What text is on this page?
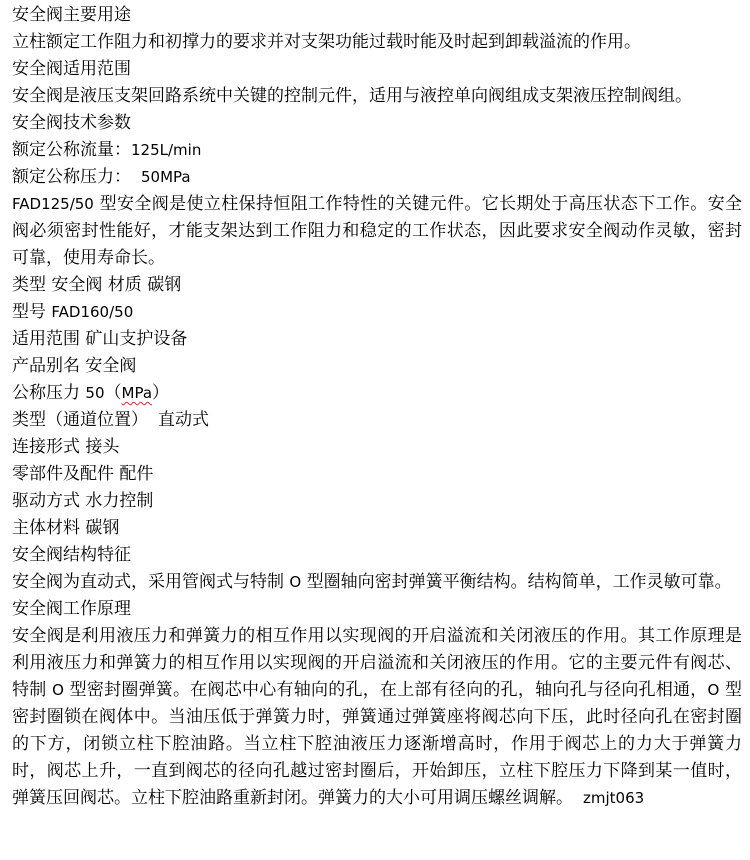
安全阀主要用途
立柱额定工作阻力和初撑力的要求并对支架功能过载时能及时起到卸载溢流的作用。
安全阀适用范围
安全阀是液压支架回路系统中关键的控制元件，适用与液控单向阀组成支架液压控制阀组。
安全阀技术参数
额定公称流量：125L/min
额定公称压力： 50MPa
FAD125/50 型安全阀是使立柱保持恒阻工作特性的关键元件。它长期处于高压状态下工作。安全阀必须密封性能好，才能支架达到工作阻力和稳定的工作状态，因此要求安全阀动作灵敏，密封可靠，使用寿命长。
类型 安全阀 材质 碳钢
型号 FAD160/50
适用范围 矿山支护设备
产品别名 安全阀
公称压力 50（MPa）
类型（通道位置） 直动式
连接形式 接头
零部件及配件 配件
驱动方式 水力控制
主体材料 碳钢
安全阀结构特征
安全阀为直动式，采用管阀式与特制 O 型圈轴向密封弹簧平衡结构。结构简单，工作灵敏可靠。
安全阀工作原理
安全阀是利用液压力和弹簧力的相互作用以实现阀的开启溢流和关闭液压的作用。其工作原理是利用液压力和弹簧力的相互作用以实现阀的开启溢流和关闭液压的作用。它的主要元件有阀芯、特制 O 型密封圈弹簧。在阀芯中心有轴向的孔，在上部有径向的孔，轴向孔与径向孔相通，O 型密封圈锁在阀体中。当油压低于弹簧力时，弹簧通过弹簧座将阀芯向下压，此时径向孔在密封圈的下方，闭锁立柱下腔油路。当立柱下腔油液压力逐渐增高时，作用于阀芯上的力大于弹簧力时，阀芯上升，一直到阀芯的径向孔越过密封圈后，开始卸压，立柱下腔压力下降到某一值时，弹簧压回阀芯。立柱下腔油路重新封闭。弹簧力的大小可用调压螺丝调解。 zmjt063
